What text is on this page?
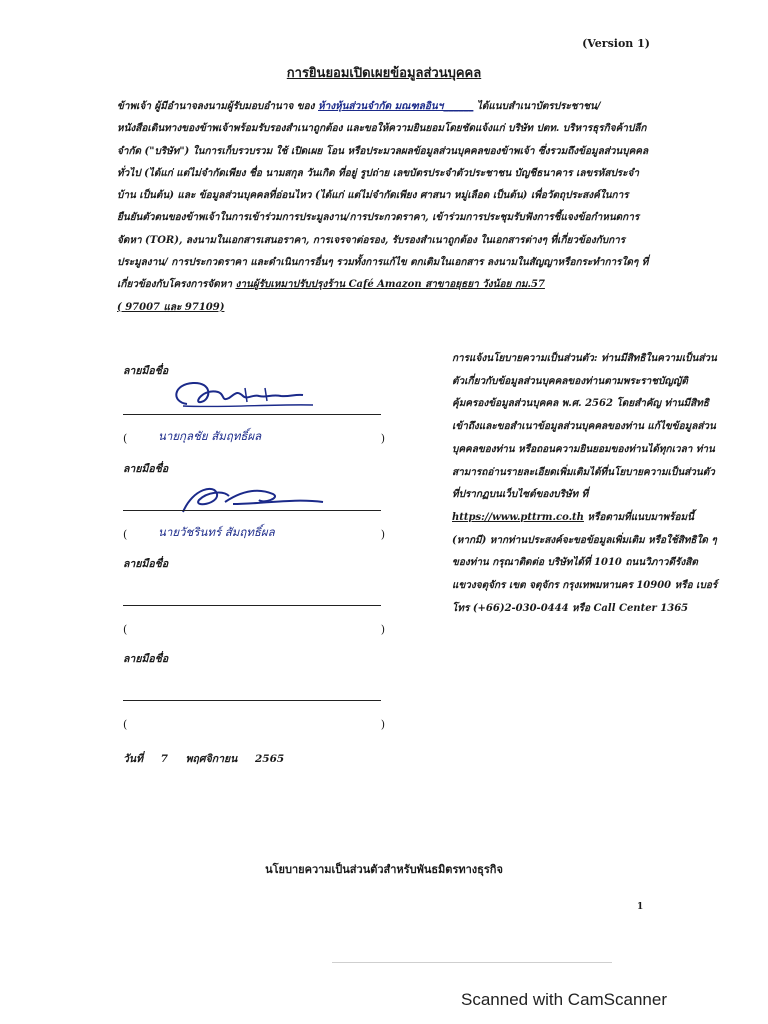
(Version 1)
การยินยอมเปิดเผยข้อมูลส่วนบุคคล
ข้าพเจ้า ผู้มีอำนาจลงนามผู้รับมอบอำนาจ ของ ห้างหุ้นส่วนจำกัด มณฑลอินฯ______ ได้แนบสำเนาบัตรประชาชน/หนังสือเดินทางของข้าพเจ้าพร้อมรับรองสำเนาถูกต้อง และขอให้ความยินยอมโดยชัดแจ้งแก่ บริษัท ปตท. บริหารธุรกิจค้าปลีก จำกัด ("บริษัท") ในการเก็บรวบรวม ใช้ เปิดเผย โอน หรือประมวลผลข้อมูลส่วนบุคคลของข้าพเจ้า ซึ่งรวมถึงข้อมูลส่วนบุคคลทั่วไป (ได้แก่ แต่ไม่จำกัดเพียง ชื่อ นามสกุล วันเกิด ที่อยู่ รูปถ่าย เลขบัตรประจำตัวประชาชน บัญชีธนาคาร เลขรหัสประจำบ้าน เป็นต้น) และ ข้อมูลส่วนบุคคลที่อ่อนไหว (ได้แก่ แต่ไม่จำกัดเพียง ศาสนา หมู่เลือด เป็นต้น) เพื่อวัตถุประสงค์ในการยืนยันตัวตนของข้าพเจ้าในการเข้าร่วมการประมูลงาน/การประกวดราคา, เข้าร่วมการประชุมรับฟังการชี้แจงข้อกำหนดการจัดหา (TOR), ลงนามในเอกสารเสนอราคา, การเจรจาต่อรอง, รับรองสำเนาถูกต้อง ในเอกสารต่างๆ ที่เกี่ยวข้องกับการประมูลงาน/ การประกวดราคา และดำเนินการอื่นๆ รวมทั้งการแก้ไข ตกเติมในเอกสาร ลงนามในสัญญาหรือกระทำการใดๆ ที่เกี่ยวข้องกับโครงการจัดหา งานผู้รับเหมาปรับปรุงร้าน Café Amazon สาขาอยุธยา วังน้อย กม.57
( 97007 และ 97109)
ลายมือชื่อ
(	นายกุลชัย สัมฤทธิ์ผล	)
ลายมือชื่อ
(	นายวัชรินทร์ สัมฤทธิ์ผล	)
ลายมือชื่อ
(	)
ลายมือชื่อ
(	)
วันที่ 7 พฤศจิกายน 2565
การแจ้งนโยบายความเป็นส่วนตัว: ท่านมีสิทธิในความเป็นส่วนตัวเกี่ยวกับข้อมูลส่วนบุคคลของท่านตามพระราชบัญญัติคุ้มครองข้อมูลส่วนบุคคล พ.ศ. 2562 โดยสำคัญ ท่านมีสิทธิเข้าถึงและขอสำเนาข้อมูลส่วนบุคคลของท่าน แก้ไขข้อมูลส่วนบุคคลของท่าน หรือถอนความยินยอมของท่านได้ทุกเวลา ท่านสามารถอ่านรายละเอียดเพิ่มเติมได้ที่นโยบายความเป็นส่วนตัวที่ปรากฏบนเว็บไซต์ของบริษัท ที่ https://www.pttrm.co.th หรือตามที่แนบมาพร้อมนี้ (หากมี) หากท่านประสงค์จะขอข้อมูลเพิ่มเติม หรือใช้สิทธิใด ๆ ของท่าน กรุณาติดต่อ บริษัทได้ที่ 1010 ถนนวิภาวดีรังสิต แขวงจตุจักร เขต จตุจักร กรุงเทพมหานคร 10900 หรือ เบอร์โทร (+66)2-030-0444 หรือ Call Center 1365
นโยบายความเป็นส่วนตัวสำหรับพันธมิตรทางธุรกิจ
1
Scanned with CamScanner
